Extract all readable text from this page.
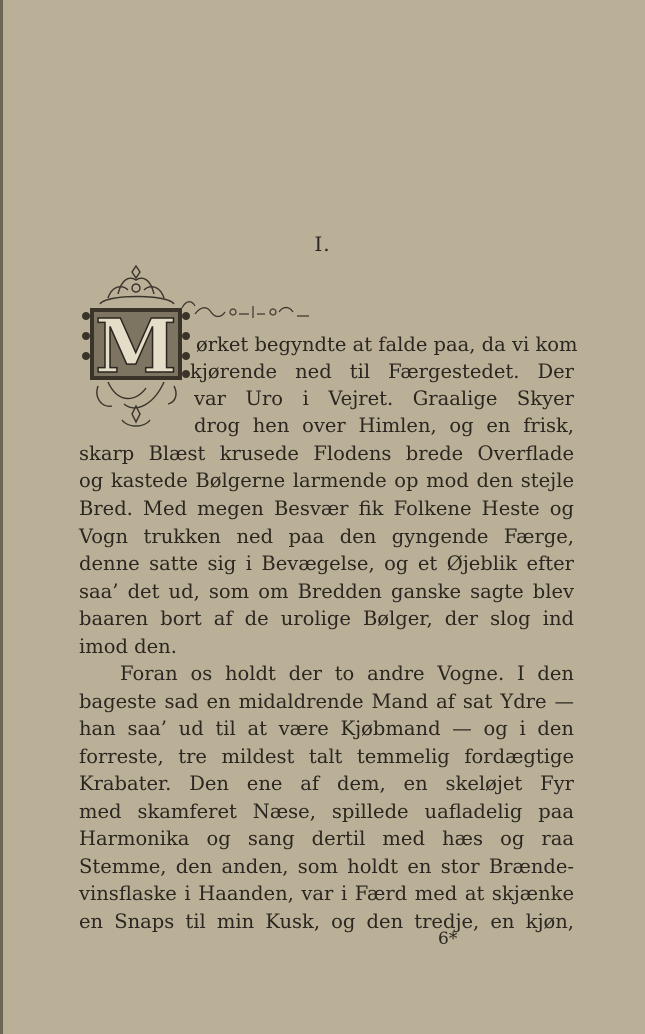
I.
M ørket begyndte at falde paa, da vi kom
kjørende ned til Færgestedet. Der
var Uro i Vejret. Graalige Skyer
drog hen over Himlen, og en frisk,
skarp Blæst krusede Flodens brede Overflade
og kastede Bølgerne larmende op mod den stejle
Bred. Med megen Besvær fik Folkene Heste og
Vogn trukken ned paa den gyngende Færge,
denne satte sig i Bevægelse, og et Øjeblik efter
saa’ det ud, som om Bredden ganske sagte blev
baaren bort af de urolige Bølger, der slog ind
imod den.
Foran os holdt der to andre Vogne. I den
bageste sad en midaldrende Mand af sat Ydre —
han saa’ ud til at være Kjøbmand — og i den
forreste, tre mildest talt temmelig fordægtige
Krabater. Den ene af dem, en skeløjet Fyr
med skamferet Næse, spillede uafladelig paa
Harmonika og sang dertil med hæs og raa
Stemme, den anden, som holdt en stor Brænde-
vinsflaske i Haanden, var i Færd med at skjænke
en Snaps til min Kusk, og den tredje, en kjøn,
6*
